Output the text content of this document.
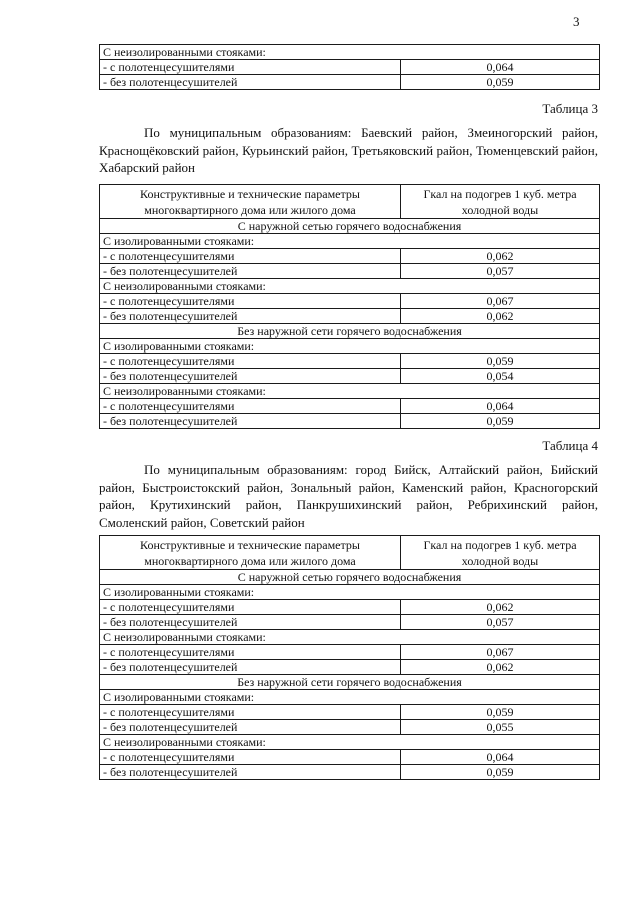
3
С неизолированными стояками:	
- с полотенцесушителями	0,064
- без полотенцесушителей	0,059
Таблица 3

По муниципальным образованиям: Баевский район, Змеиногорский район, Краснощёковский район, Курьинский район, Третьяковский район, Тюменцевский район, Хабарский район

Конструктивные и технические параметры многоквартирного дома или жилого дома	Гкал на подогрев 1 куб. метра холодной воды
С наружной сетью горячего водоснабжения	
С изолированными стояками:	
- с полотенцесушителями	0,062
- без полотенцесушителей	0,057
С неизолированными стояками:	
- с полотенцесушителями	0,067
- без полотенцесушителей	0,062
Без наружной сети горячего водоснабжения	
С изолированными стояками:	
- с полотенцесушителями	0,059
- без полотенцесушителей	0,054
С неизолированными стояками:	
- с полотенцесушителями	0,064
- без полотенцесушителей	0,059
Таблица 4

По муниципальным образованиям: город Бийск, Алтайский район, Бийский район, Быстроистокский район, Зональный район, Каменский район, Красногорский район, Крутихинский район, Панкрушихинский район, Ребрихинский район, Смоленский район, Советский район

Конструктивные и технические параметры многоквартирного дома или жилого дома	Гкал на подогрев 1 куб. метра холодной воды
С наружной сетью горячего водоснабжения	
С изолированными стояками:	
- с полотенцесушителями	0,062
- без полотенцесушителей	0,057
С неизолированными стояками:	
- с полотенцесушителями	0,067
- без полотенцесушителей	0,062
Без наружной сети горячего водоснабжения	
С изолированными стояками:	
- с полотенцесушителями	0,059
- без полотенцесушителей	0,055
С неизолированными стояками:	
- с полотенцесушителями	0,064
- без полотенцесушителей	0,059
